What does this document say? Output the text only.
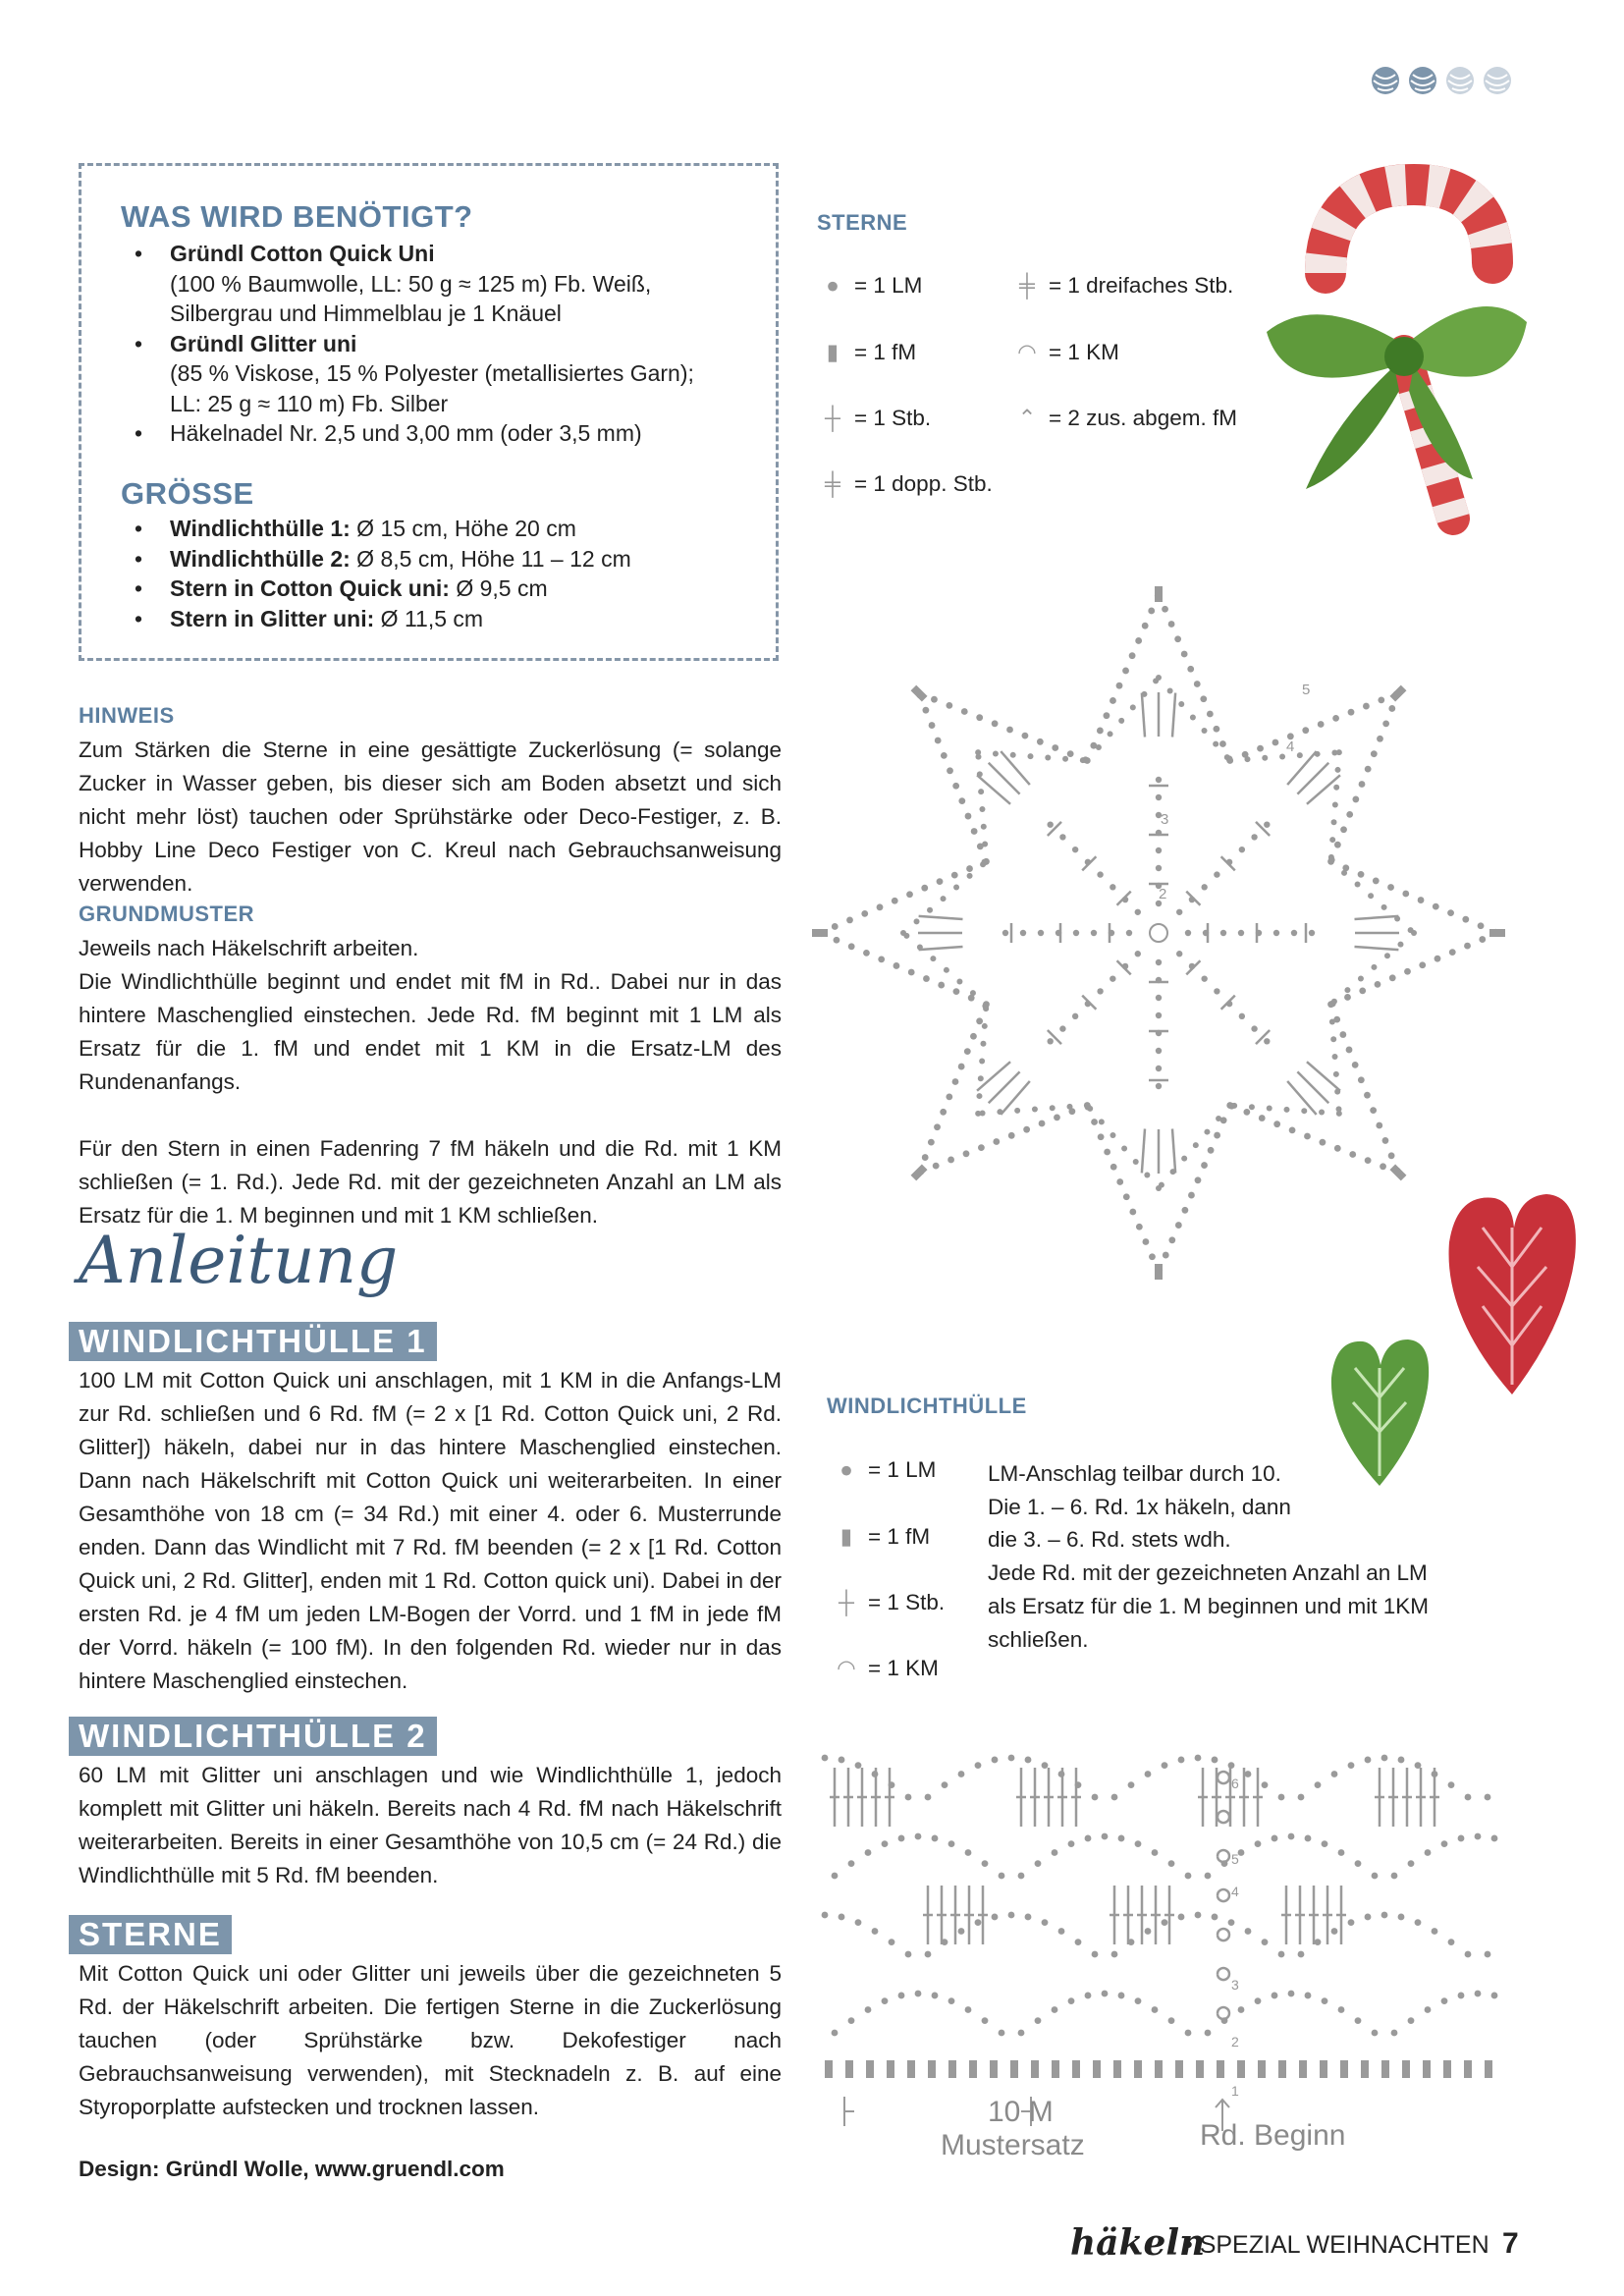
WAS WIRD BENÖTIGT?
• Gründl Cotton Quick Uni
(100 % Baumwolle, LL: 50 g ≈ 125 m) Fb. Weiß,
Silbergrau und Himmelblau je 1 Knäuel
• Gründl Glitter uni
(85 % Viskose, 15 % Polyester (metallisiertes Garn);
LL: 25 g ≈ 110 m) Fb. Silber
• Häkelnadel Nr. 2,5 und 3,00 mm (oder 3,5 mm)
GRÖSSE
• Windlichthülle 1: Ø 15 cm, Höhe 20 cm
• Windlichthülle 2: Ø 8,5 cm, Höhe 11 – 12 cm
• Stern in Cotton Quick uni: Ø 9,5 cm
• Stern in Glitter uni: Ø 11,5 cm
HINWEIS
Zum Stärken die Sterne in eine gesättigte Zuckerlösung (= solange Zucker in Wasser geben, bis dieser sich am Boden absetzt und sich nicht mehr löst) tauchen oder Sprühstärke oder Deco-Festiger, z. B. Hobby Line Deco Festiger von C. Kreul nach Gebrauchsanweisung verwenden.
GRUNDMUSTER

Jeweils nach Häkelschrift arbeiten.

Die Windlichthülle beginnt und endet mit fM in Rd.. Dabei nur in das hintere Maschenglied einstechen. Jede Rd. fM beginnt mit 1 LM als Ersatz für die 1. fM und endet mit 1 KM in die Ersatz-LM des Rundenanfangs.

Für den Stern in einen Fadenring 7 fM häkeln und die Rd. mit 1 KM schließen (= 1. Rd.). Jede Rd. mit der gezeichneten Anzahl an LM als Ersatz für die 1. M beginnen und mit 1 KM schließen.

Anleitung
WINDLICHTHÜLLE 1
100 LM mit Cotton Quick uni anschlagen, mit 1 KM in die Anfangs-LM zur Rd. schließen und 6 Rd. fM (= 2 x [1 Rd. Cotton Quick uni, 2 Rd. Glitter]) häkeln, dabei nur in das hintere Maschenglied einstechen. Dann nach Häkelschrift mit Cotton Quick uni weiterarbeiten. In einer Gesamthöhe von 18 cm (= 34 Rd.) mit einer 4. oder 6. Musterrunde enden. Dann das Windlicht mit 7 Rd. fM beenden (= 2 x [1 Rd. Cotton Quick uni, 2 Rd. Glitter], enden mit 1 Rd. Cotton quick uni). Dabei in der ersten Rd. je 4 fM um jeden LM-Bogen der Vorrd. und 1 fM in jede fM der Vorrd. häkeln (= 100 fM). In den folgenden Rd. wieder nur in das hintere Maschenglied einstechen.
WINDLICHTHÜLLE 2
60 LM mit Glitter uni anschlagen und wie Windlichthülle 1, jedoch komplett mit Glitter uni häkeln. Bereits nach 4 Rd. fM nach Häkelschrift weiterarbeiten. Bereits in einer Gesamthöhe von 10,5 cm (= 24 Rd.) die Windlichthülle mit 5 Rd. fM beenden.
STERNE
Mit Cotton Quick uni oder Glitter uni jeweils über die gezeichneten 5 Rd. der Häkelschrift arbeiten. Die fertigen Sterne in die Zuckerlösung tauchen (oder Sprühstärke bzw. Dekofestiger nach Gebrauchsanweisung verwenden), mit Stecknadeln z. B. auf eine Styroporplatte aufstecken und trocknen lassen.
Design: Gründl Wolle, www.gruendl.com
STERNE
● = 1 LM
▮ = 1 fM
┼ = 1 Stb.
╪ = 1 dopp. Stb.
╪ = 1 dreifaches Stb.
◠ = 1 KM
⌃ = 2 zus. abgem. fM
2
3
4
5
WINDLICHTHÜLLE
● = 1 LM
▮ = 1 fM
┼ = 1 Stb.
◠ = 1 KM
LM-Anschlag teilbar durch 10.
Die 1. – 6. Rd. 1x häkeln, dann
die 3. – 6. Rd. stets wdh.
Jede Rd. mit der gezeichneten Anzahl an LM
als Ersatz für die 1. M beginnen und mit 1KM
schließen.
1
2
3
4
5
6
10 M
Mustersatz	Rd. Beginn
häkeln
• SPEZIAL WEIHNACHTEN 7
